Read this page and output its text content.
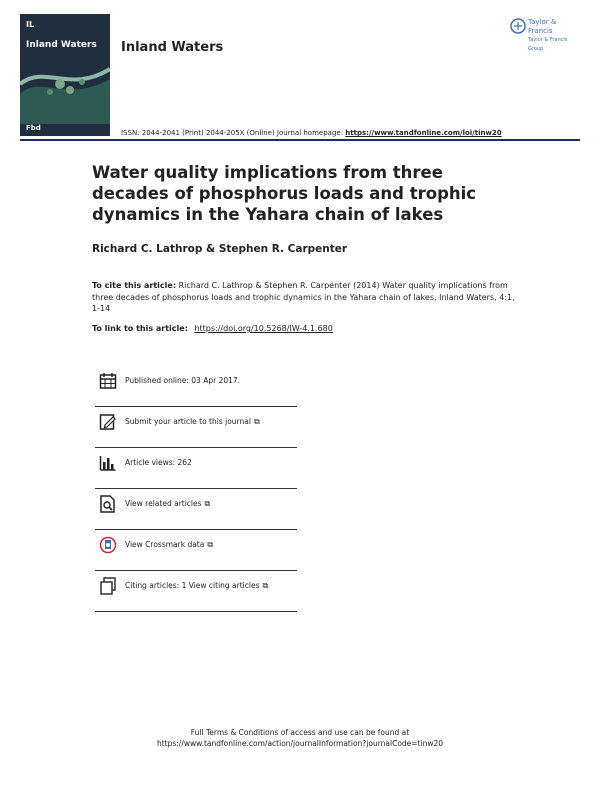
IL
Inland Waters
Fbd
Inland Waters
Taylor & Francis
Taylor & Francis Group
ISSN: 2044-2041 (Print) 2044-205X (Online) Journal homepage: https://www.tandfonline.com/loi/tinw20
Water quality implications from three decades of phosphorus loads and trophic dynamics in the Yahara chain of lakes
Richard C. Lathrop & Stephen R. Carpenter
To cite this article: Richard C. Lathrop & Stephen R. Carpenter (2014) Water quality implications from three decades of phosphorus loads and trophic dynamics in the Yahara chain of lakes, Inland Waters, 4:1, 1-14
To link to this article: https://doi.org/10.5268/IW-4.1.680
Published online: 03 Apr 2017.
Submit your article to this journal ⧉
Article views: 262
View related articles ⧉
View Crossmark data ⧉
Citing articles: 1 View citing articles ⧉
Full Terms & Conditions of access and use can be found at
https://www.tandfonline.com/action/journalInformation?journalCode=tinw20
